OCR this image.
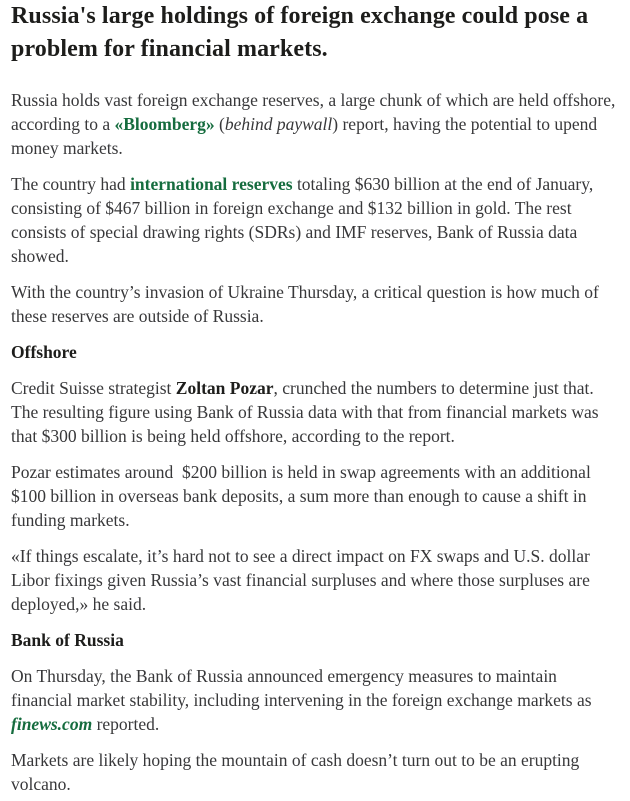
Russia's large holdings of foreign exchange could pose a problem for financial markets.

Russia holds vast foreign exchange reserves, a large chunk of which are held offshore, according to a «Bloomberg» (behind paywall) report, having the potential to upend money markets.

The country had international reserves totaling $630 billion at the end of January, consisting of $467 billion in foreign exchange and $132 billion in gold. The rest consists of special drawing rights (SDRs) and IMF reserves, Bank of Russia data showed.

With the country’s invasion of Ukraine Thursday, a critical question is how much of these reserves are outside of Russia.

Offshore

Credit Suisse strategist Zoltan Pozar, crunched the numbers to determine just that. The resulting figure using Bank of Russia data with that from financial markets was that $300 billion is being held offshore, according to the report.

Pozar estimates around  $200 billion is held in swap agreements with an additional $100 billion in overseas bank deposits, a sum more than enough to cause a shift in funding markets.

«If things escalate, it’s hard not to see a direct impact on FX swaps and U.S. dollar Libor fixings given Russia’s vast financial surpluses and where those surpluses are deployed,» he said.

Bank of Russia

On Thursday, the Bank of Russia announced emergency measures to maintain financial market stability, including intervening in the foreign exchange markets as finews.com reported.

Markets are likely hoping the mountain of cash doesn’t turn out to be an erupting volcano.
